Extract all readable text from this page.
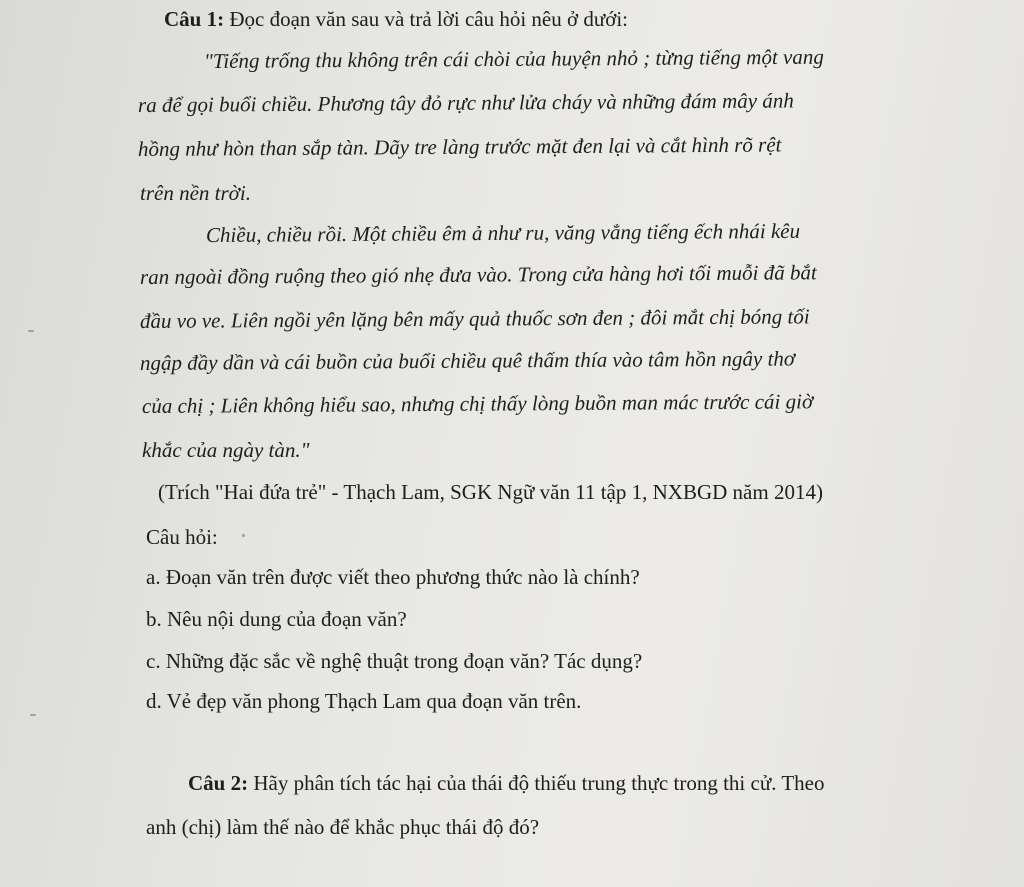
Câu 1: Đọc đoạn văn sau và trả lời câu hỏi nêu ở dưới:
"Tiếng trống thu không trên cái chòi của huyện nhỏ ; từng tiếng một vang
ra để gọi buổi chiều. Phương tây đỏ rực như lửa cháy và những đám mây ánh
hồng như hòn than sắp tàn. Dãy tre làng trước mặt đen lại và cắt hình rõ rệt
trên nền trời.
Chiều, chiều rồi. Một chiều êm ả như ru, văng vẳng tiếng ếch nhái kêu
ran ngoài đồng ruộng theo gió nhẹ đưa vào. Trong cửa hàng hơi tối muỗi đã bắt
đầu vo ve. Liên ngồi yên lặng bên mấy quả thuốc sơn đen ; đôi mắt chị bóng tối
ngập đầy dần và cái buồn của buổi chiều quê thấm thía vào tâm hồn ngây thơ
của chị ; Liên không hiểu sao, nhưng chị thấy lòng buồn man mác trước cái giờ
khắc của ngày tàn."
(Trích "Hai đứa trẻ" - Thạch Lam, SGK Ngữ văn 11 tập 1, NXBGD năm 2014)
Câu hỏi:
a. Đoạn văn trên được viết theo phương thức nào là chính?
b. Nêu nội dung của đoạn văn?
c. Những đặc sắc về nghệ thuật trong đoạn văn? Tác dụng?
d. Vẻ đẹp văn phong Thạch Lam qua đoạn văn trên.
Câu 2: Hãy phân tích tác hại của thái độ thiếu trung thực trong thi cử. Theo
anh (chị) làm thế nào để khắc phục thái độ đó?
